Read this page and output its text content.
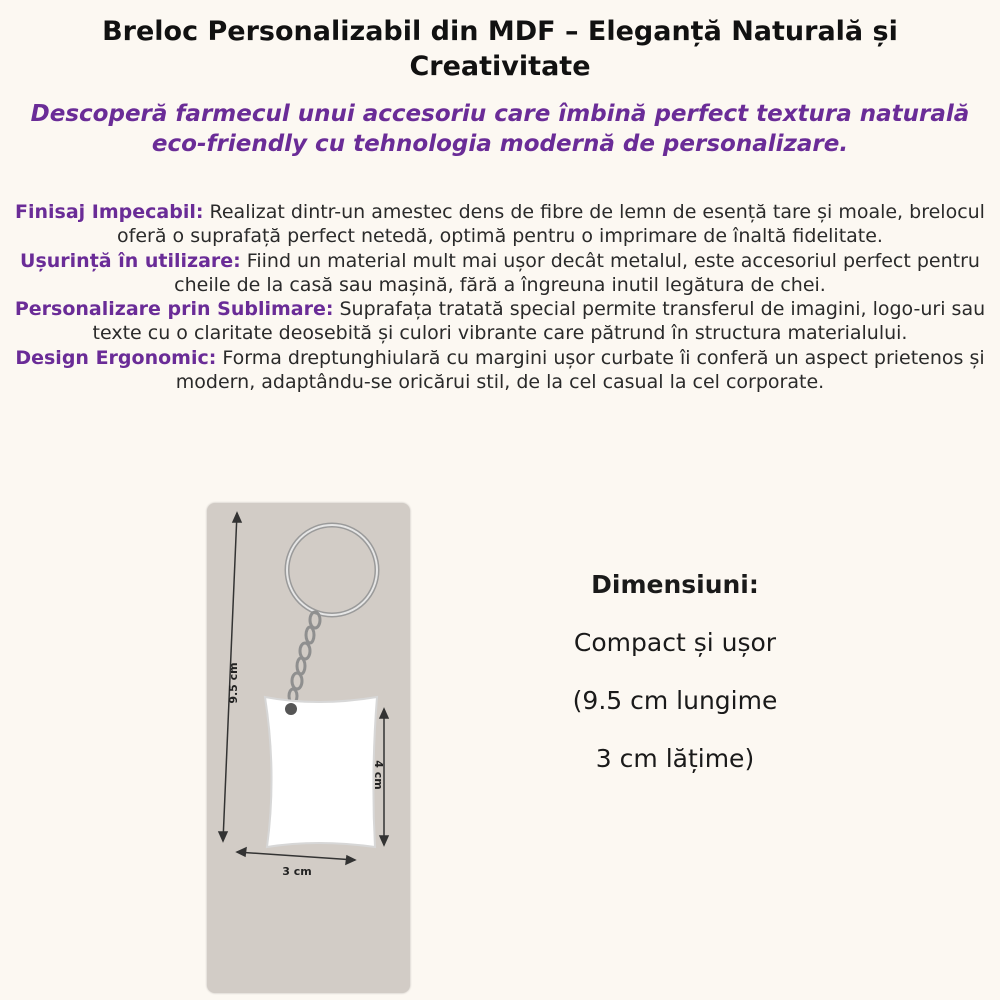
Breloc Personalizabil din MDF – Eleganță Naturală și Creativitate
Descoperă farmecul unui accesoriu care îmbină perfect textura naturală eco-friendly cu tehnologia modernă de personalizare.

Finisaj Impecabil: Realizat dintr-un amestec dens de fibre de lemn de esență tare și moale, brelocul oferă o suprafață perfect netedă, optimă pentru o imprimare de înaltă fidelitate.

Ușurință în utilizare: Fiind un material mult mai ușor decât metalul, este accesoriul perfect pentru cheile de la casă sau mașină, fără a îngreuna inutil legătura de chei.

Personalizare prin Sublimare: Suprafața tratată special permite transferul de imagini, logo-uri sau texte cu o claritate deosebită și culori vibrante care pătrund în structura materialului.

Design Ergonomic: Forma dreptunghiulară cu margini ușor curbate îi conferă un aspect prietenos și modern, adaptându-se oricărui stil, de la cel casual la cel corporate.

9.5 cm
4 cm
3 cm
Dimensiuni:
Compact și ușor
(9.5 cm lungime
3 cm lățime)
